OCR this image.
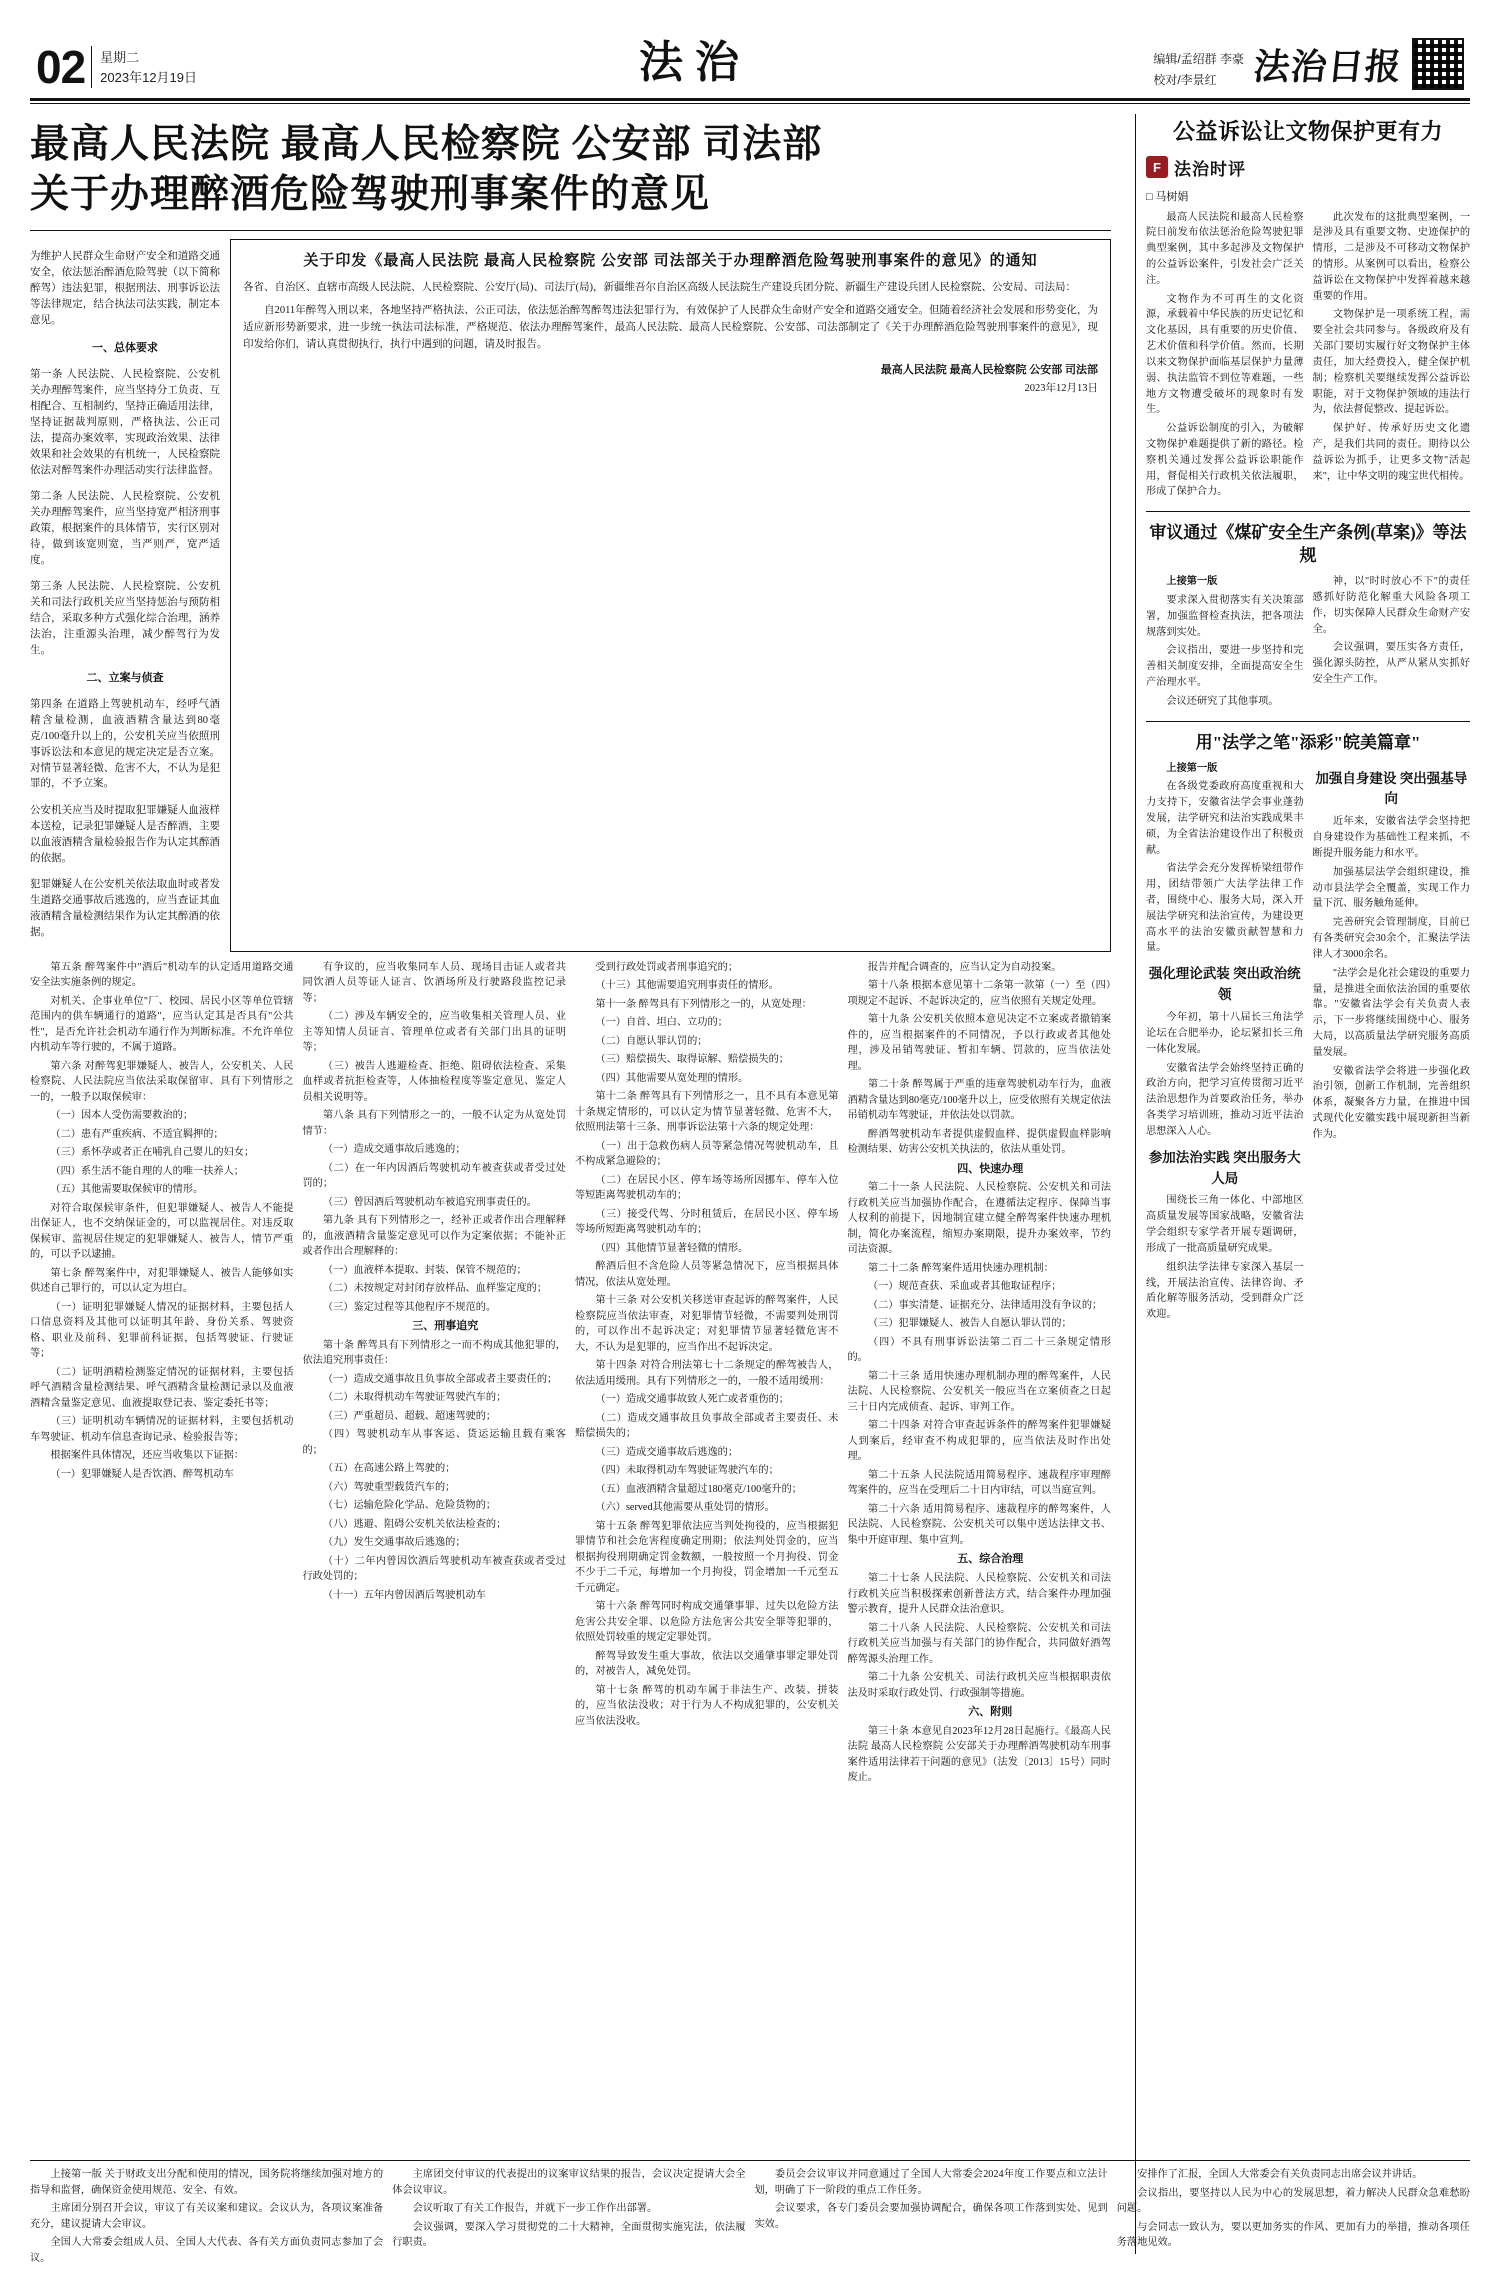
02 星期二
2023年12月19日	法治	编辑/孟绍群 李豪
校对/李景红 法治日报
最高人民法院 最高人民检察院 公安部 司法部
关于办理醉酒危险驾驶刑事案件的意见

为维护人民群众生命财产安全和道路交通安全，依法惩治醉酒危险驾驶（以下简称醉驾）违法犯罪，根据刑法、刑事诉讼法等法律规定，结合执法司法实践，制定本意见。

一、总体要求

第一条 人民法院、人民检察院、公安机关办理醉驾案件，应当坚持分工负责、互相配合、互相制约，坚持正确适用法律，坚持证据裁判原则，严格执法、公正司法，提高办案效率，实现政治效果、法律效果和社会效果的有机统一，人民检察院依法对醉驾案件办理活动实行法律监督。

第二条 人民法院、人民检察院、公安机关办理醉驾案件，应当坚持宽严相济刑事政策，根据案件的具体情节，实行区别对待，做到该宽则宽，当严则严，宽严适度。

第三条 人民法院、人民检察院、公安机关和司法行政机关应当坚持惩治与预防相结合，采取多种方式强化综合治理，涵养法治，注重源头治理，减少醉驾行为发生。

二、立案与侦查

第四条 在道路上驾驶机动车，经呼气酒精含量检测，血液酒精含量达到80毫克/100毫升以上的，公安机关应当依照刑事诉讼法和本意见的规定决定是否立案。对情节显著轻微、危害不大，不认为是犯罪的，不予立案。

公安机关应当及时提取犯罪嫌疑人血液样本送检，记录犯罪嫌疑人是否醉酒，主要以血液酒精含量检验报告作为认定其醉酒的依据。

犯罪嫌疑人在公安机关依法取血时或者发生道路交通事故后逃逸的，应当查证其血液酒精含量检测结果作为认定其醉酒的依据。

关于印发《最高人民法院 最高人民检察院 公安部 司法部关于办理醉酒危险驾驶刑事案件的意见》的通知
各省、自治区、直辖市高级人民法院、人民检察院、公安厅(局)、司法厅(局)，新疆维吾尔自治区高级人民法院生产建设兵团分院、新疆生产建设兵团人民检察院、公安局、司法局：
自2011年醉驾入刑以来，各地坚持严格执法、公正司法，依法惩治醉驾醉驾违法犯罪行为，有效保护了人民群众生命财产安全和道路交通安全。但随着经济社会发展和形势变化，为适应新形势新要求，进一步统一执法司法标准，严格规范、依法办理醉驾案件，最高人民法院、最高人民检察院、公安部、司法部制定了《关于办理醉酒危险驾驶刑事案件的意见》，现印发给你们，请认真贯彻执行，执行中遇到的问题，请及时报告。
最高人民法院 最高人民检察院 公安部 司法部
2023年12月13日

第五条 醉驾案件中"酒后"机动车的认定适用道路交通安全法实施条例的规定。

对机关、企事业单位"厂、校园、居民小区等单位管辖范围内的供车辆通行的道路"，应当认定其是否具有"公共性"，是否允许社会机动车通行作为判断标准。不允许单位内机动车等行驶的，不属于道路。

第六条 对醉驾犯罪嫌疑人、被告人，公安机关、人民检察院、人民法院应当依法采取保留审、具有下列情形之一的，一般予以取保候审：

（一）因本人受伤需要救治的；

（二）患有严重疾病、不适宜羁押的；

（三）系怀孕或者正在哺乳自己婴儿的妇女；

（四）系生活不能自理的人的唯一扶养人；

（五）其他需要取保候审的情形。

对符合取保候审条件，但犯罪嫌疑人、被告人不能提出保证人，也不交纳保证金的，可以监视居住。对违反取保候审、监视居住规定的犯罪嫌疑人、被告人，情节严重的，可以予以逮捕。

第七条 醉驾案件中，对犯罪嫌疑人、被告人能够如实供述自己罪行的，可以认定为坦白。

（一）证明犯罪嫌疑人情况的证据材料，主要包括人口信息资料及其他可以证明其年龄、身份关系、驾驶资格、职业及前科、犯罪前科证据，包括驾驶证、行驶证等；

（二）证明酒精检测鉴定情况的证据材料，主要包括呼气酒精含量检测结果、呼气酒精含量检测记录以及血液酒精含量鉴定意见、血液提取登记表、鉴定委托书等；

（三）证明机动车辆情况的证据材料，主要包括机动车驾驶证、机动车信息查询记录、检验报告等；

根据案件具体情况，还应当收集以下证据：

（一）犯罪嫌疑人是否饮酒、醉驾机动车

有争议的，应当收集同车人员、现场目击证人或者共同饮酒人员等证人证言、饮酒场所及行驶路段监控记录等；

（二）涉及车辆安全的，应当收集相关管理人员、业主等知情人员证言、管理单位或者有关部门出具的证明等；

（三）被告人逃避检查、拒绝、阻碍依法检查、采集血样或者抗拒检查等，人体抽检程度等鉴定意见、鉴定人员相关说明等。

第八条 具有下列情形之一的，一般不认定为从宽处罚情节：

（一）造成交通事故后逃逸的；

（二）在一年内因酒后驾驶机动车被查获或者受过处罚的；

（三）曾因酒后驾驶机动车被追究刑事责任的。

第九条 具有下列情形之一，经补正或者作出合理解释的，血液酒精含量鉴定意见可以作为定案依据；不能补正或者作出合理解释的：

（一）血液样本提取、封装、保管不规范的；

（二）未按规定对封闭存放样品、血样鉴定度的；

（三）鉴定过程等其他程序不规范的。

三、刑事追究

第十条 醉驾具有下列情形之一而不构成其他犯罪的，依法追究刑事责任：

（一）造成交通事故且负事故全部或者主要责任的；

（二）未取得机动车驾驶证驾驶汽车的；

（三）严重超员、超载、超速驾驶的；

（四）驾驶机动车从事客运、货运运输且载有乘客的；

（五）在高速公路上驾驶的；

（六）驾驶重型载货汽车的；

（七）运输危险化学品、危险货物的；

（八）逃避、阻碍公安机关依法检查的；

（九）发生交通事故后逃逸的；

（十）二年内曾因饮酒后驾驶机动车被查获或者受过行政处罚的；

（十一）五年内曾因酒后驾驶机动车

受到行政处罚或者刑事追究的；

（十三）其他需要追究刑事责任的情形。

第十一条 醉驾具有下列情形之一的，从宽处理：

（一）自首、坦白、立功的；

（二）自愿认罪认罚的；

（三）赔偿损失、取得谅解、赔偿损失的；

（四）其他需要从宽处理的情形。

第十二条 醉驾具有下列情形之一，且不具有本意见第十条规定情形的，可以认定为情节显著轻微、危害不大，依照刑法第十三条、刑事诉讼法第十六条的规定处理：

（一）出于急救伤病人员等紧急情况驾驶机动车，且不构成紧急避险的；

（二）在居民小区、停车场等场所因挪车、停车入位等短距离驾驶机动车的；

（三）接受代驾、分时租赁后，在居民小区、停车场等场所短距离驾驶机动车的；

（四）其他情节显著轻微的情形。

醉酒后但不含危险人员等紧急情况下，应当根据具体情况，依法从宽处理。

第十三条 对公安机关移送审查起诉的醉驾案件，人民检察院应当依法审查，对犯罪情节轻微，不需要判处刑罚的，可以作出不起诉决定；对犯罪情节显著轻微危害不大，不认为是犯罪的，应当作出不起诉决定。

第十四条 对符合刑法第七十二条规定的醉驾被告人，依法适用缓刑。具有下列情形之一的，一般不适用缓刑：

（一）造成交通事故致人死亡或者重伤的；

（二）造成交通事故且负事故全部或者主要责任、未赔偿损失的；

（三）造成交通事故后逃逸的；

（四）未取得机动车驾驶证驾驶汽车的；

（五）血液酒精含量超过180毫克/100毫升的；

（六）served其他需要从重处罚的情形。

第十五条 醉驾犯罪依法应当判处拘役的，应当根据犯罪情节和社会危害程度确定刑期；依法判处罚金的，应当根据拘役刑期确定罚金数额，一般按照一个月拘役、罚金不少于二千元，每增加一个月拘役，罚金增加一千元至五千元确定。

第十六条 醉驾同时构成交通肇事罪、过失以危险方法危害公共安全罪、以危险方法危害公共安全罪等犯罪的，依照处罚较重的规定定罪处罚。

醉驾导致发生重大事故，依法以交通肇事罪定罪处罚的，对被告人，减免处罚。

第十七条 醉驾的机动车属于非法生产、改装、拼装的，应当依法没收；对于行为人不构成犯罪的，公安机关应当依法没收。

报告并配合调查的，应当认定为自动投案。

第十八条 根据本意见第十二条第一款第（一）至（四）项规定不起诉、不起诉决定的，应当依照有关规定处理。

第十九条 公安机关依照本意见决定不立案或者撤销案件的，应当根据案件的不同情况，予以行政或者其他处理，涉及吊销驾驶证、暂扣车辆、罚款的，应当依法处理。

第二十条 醉驾属于严重的违章驾驶机动车行为，血液酒精含量达到80毫克/100毫升以上，应受依照有关规定依法吊销机动车驾驶证，并依法处以罚款。

醉酒驾驶机动车者提供虚假血样、提供虚假血样影响检测结果、妨害公安机关执法的，依法从重处罚。

四、快速办理

第二十一条 人民法院、人民检察院、公安机关和司法行政机关应当加强协作配合，在遵循法定程序、保障当事人权利的前提下，因地制宜建立健全醉驾案件快速办理机制，简化办案流程，缩短办案期限，提升办案效率，节约司法资源。

第二十二条 醉驾案件适用快速办理机制：

（一）规范查获、采血或者其他取证程序；

（二）事实清楚、证据充分、法律适用没有争议的；

（三）犯罪嫌疑人、被告人自愿认罪认罚的；

（四）不具有刑事诉讼法第二百二十三条规定情形的。

第二十三条 适用快速办理机制办理的醉驾案件，人民法院、人民检察院、公安机关一般应当在立案侦查之日起三十日内完成侦查、起诉、审判工作。

第二十四条 对符合审查起诉条件的醉驾案件犯罪嫌疑人到案后，经审查不构成犯罪的，应当依法及时作出处理。

第二十五条 人民法院适用简易程序、速裁程序审理醉驾案件的，应当在受理后二十日内审结，可以当庭宣判。

第二十六条 适用简易程序、速裁程序的醉驾案件，人民法院、人民检察院、公安机关可以集中送达法律文书、集中开庭审理、集中宣判。

五、综合治理

第二十七条 人民法院、人民检察院、公安机关和司法行政机关应当积极探索创新普法方式，结合案件办理加强警示教育，提升人民群众法治意识。

第二十八条 人民法院、人民检察院、公安机关和司法行政机关应当加强与有关部门的协作配合，共同做好酒驾醉驾源头治理工作。

第二十九条 公安机关、司法行政机关应当根据职责依法及时采取行政处罚、行政强制等措施。

六、附则

第三十条 本意见自2023年12月28日起施行。《最高人民法院 最高人民检察院 公安部关于办理醉酒驾驶机动车刑事案件适用法律若干问题的意见》（法发〔2013〕15号）同时废止。

公益诉讼让文物保护更有力
F 法治时评
□ 马树娟

最高人民法院和最高人民检察院日前发布依法惩治危险驾驶犯罪典型案例，其中多起涉及文物保护的公益诉讼案件，引发社会广泛关注。

文物作为不可再生的文化资源，承载着中华民族的历史记忆和文化基因，具有重要的历史价值、艺术价值和科学价值。然而，长期以来文物保护面临基层保护力量薄弱、执法监管不到位等难题，一些地方文物遭受破坏的现象时有发生。

公益诉讼制度的引入，为破解文物保护难题提供了新的路径。检察机关通过发挥公益诉讼职能作用，督促相关行政机关依法履职，形成了保护合力。

此次发布的这批典型案例，一是涉及具有重要文物、史迹保护的情形，二是涉及不可移动文物保护的情形。从案例可以看出，检察公益诉讼在文物保护中发挥着越来越重要的作用。

文物保护是一项系统工程，需要全社会共同参与。各级政府及有关部门要切实履行好文物保护主体责任，加大经费投入，健全保护机制；检察机关要继续发挥公益诉讼职能，对于文物保护领域的违法行为，依法督促整改、提起诉讼。

保护好、传承好历史文化遗产，是我们共同的责任。期待以公益诉讼为抓手，让更多文物"活起来"，让中华文明的瑰宝世代相传。

审议通过《煤矿安全生产条例(草案)》等法规

上接第一版

要求深入贯彻落实有关决策部署，加强监督检查执法，把各项法规落到实处。

会议指出，要进一步坚持和完善相关制度安排，全面提高安全生产治理水平。

会议还研究了其他事项。

神，以"时时放心不下"的责任感抓好防范化解重大风险各项工作，切实保障人民群众生命财产安全。

会议强调，要压实各方责任，强化源头防控，从严从紧从实抓好安全生产工作。

用"法学之笔"添彩"皖美篇章"

上接第一版

在各级党委政府高度重视和大力支持下，安徽省法学会事业蓬勃发展，法学研究和法治实践成果丰硕，为全省法治建设作出了积极贡献。

省法学会充分发挥桥梁纽带作用，团结带领广大法学法律工作者，围绕中心、服务大局，深入开展法学研究和法治宣传，为建设更高水平的法治安徽贡献智慧和力量。

强化理论武装 突出政治统领

今年初，第十八届长三角法学论坛在合肥举办，论坛紧扣长三角一体化发展。

安徽省法学会始终坚持正确的政治方向，把学习宣传贯彻习近平法治思想作为首要政治任务，举办各类学习培训班，推动习近平法治思想深入人心。

参加法治实践 突出服务大人局

围绕长三角一体化、中部地区高质量发展等国家战略，安徽省法学会组织专家学者开展专题调研，形成了一批高质量研究成果。

组织法学法律专家深入基层一线，开展法治宣传、法律咨询、矛盾化解等服务活动，受到群众广泛欢迎。

加强自身建设 突出强基导向

近年来，安徽省法学会坚持把自身建设作为基础性工程来抓，不断提升服务能力和水平。

加强基层法学会组织建设，推动市县法学会全覆盖，实现工作力量下沉、服务触角延伸。

完善研究会管理制度，目前已有各类研究会30余个，汇聚法学法律人才3000余名。

"法学会是化社会建设的重要力量，是推进全面依法治国的重要依靠。"安徽省法学会有关负责人表示，下一步将继续围绕中心、服务大局，以高质量法学研究服务高质量发展。

安徽省法学会将进一步强化政治引领，创新工作机制，完善组织体系，凝聚各方力量，在推进中国式现代化安徽实践中展现新担当新作为。

上接第一版 关于财政支出分配和使用的情况，国务院将继续加强对地方的指导和监督，确保资金使用规范、安全、有效。

主席团分别召开会议，审议了有关议案和建议。会议认为，各项议案准备充分，建议提请大会审议。

全国人大常委会组成人员、全国人大代表、各有关方面负责同志参加了会议。

主席团交付审议的代表提出的议案审议结果的报告，会议决定提请大会全体会议审议。

会议听取了有关工作报告，并就下一步工作作出部署。

会议强调，要深入学习贯彻党的二十大精神，全面贯彻实施宪法，依法履行职责。

委员会会议审议并同意通过了全国人大常委会2024年度工作要点和立法计划，明确了下一阶段的重点工作任务。

会议要求，各专门委员会要加强协调配合，确保各项工作落到实处、见到实效。

安排作了汇报，全国人大常委会有关负责同志出席会议并讲话。

会议指出，要坚持以人民为中心的发展思想，着力解决人民群众急难愁盼问题。

与会同志一致认为，要以更加务实的作风、更加有力的举措，推动各项任务落地见效。
